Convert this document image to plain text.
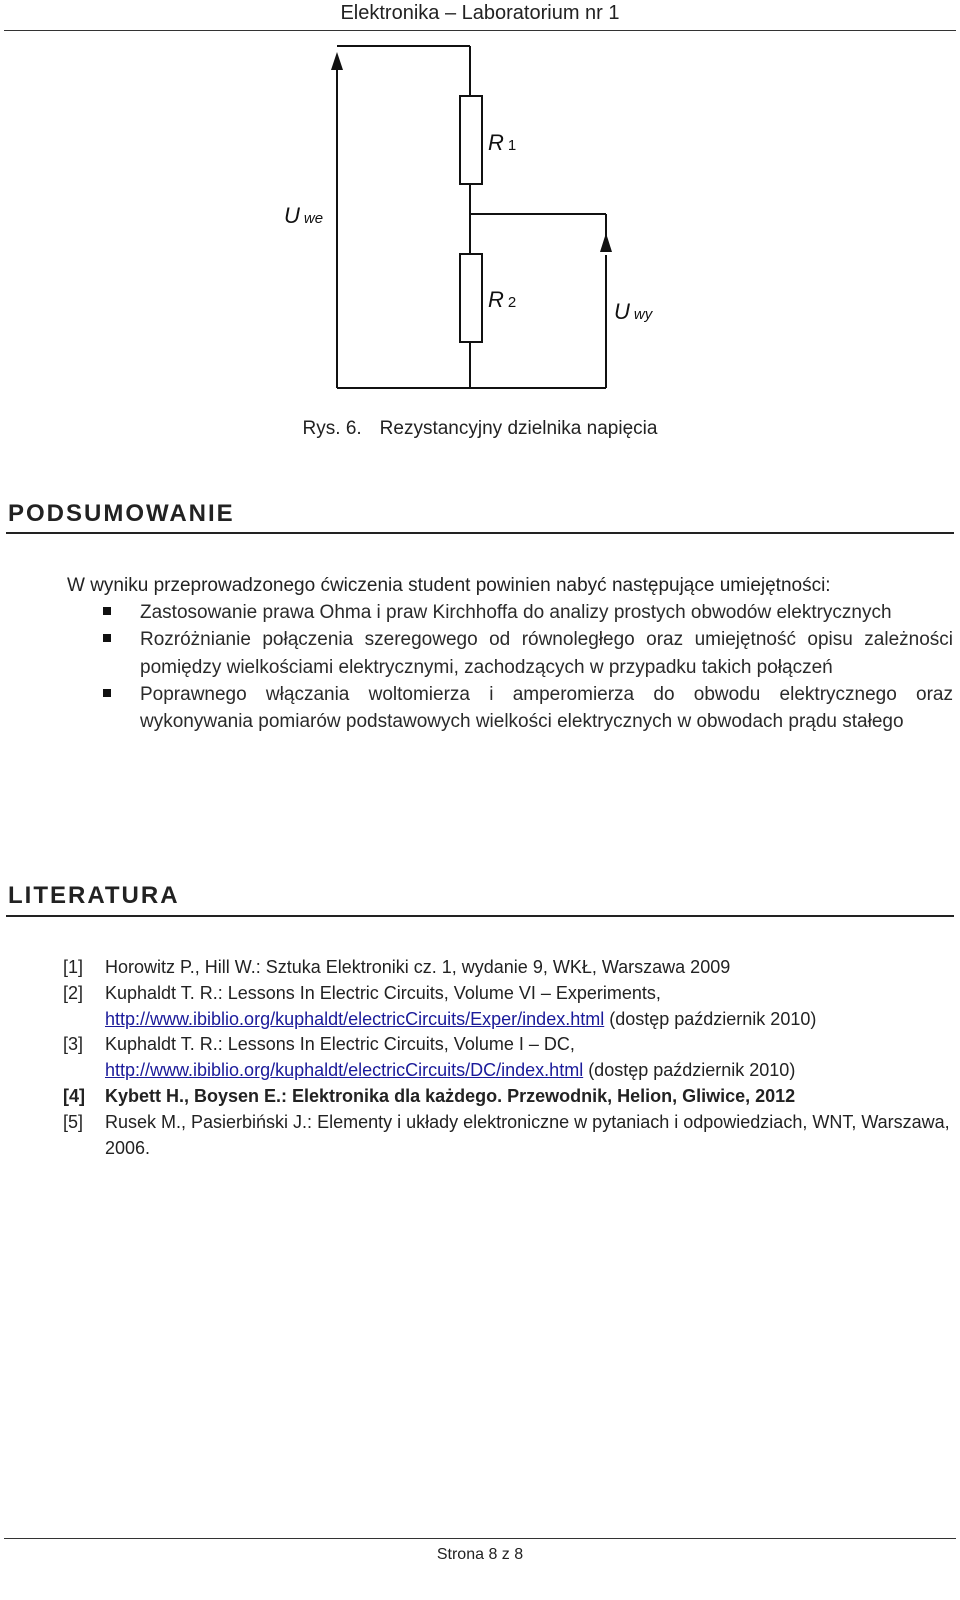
Elektronika – Laboratorium nr 1
R 1
R 2
U we
U wy
Rys. 6. Rezystancyjny dzielnika napięcia
PODSUMOWANIE
W wyniku przeprowadzonego ćwiczenia student powinien nabyć następujące umiejętności:
Zastosowanie prawa Ohma i praw Kirchhoffa do analizy prostych obwodów elektrycznych
Rozróżnianie połączenia szeregowego od równoległego oraz umiejętność opisu zależności pomiędzy wielkościami elektrycznymi, zachodzących w przypadku takich połączeń
Poprawnego włączania woltomierza i amperomierza do obwodu elektrycznego oraz wykonywania pomiarów podstawowych wielkości elektrycznych w obwodach prądu stałego
LITERATURA
[1] Horowitz P., Hill W.: Sztuka Elektroniki cz. 1, wydanie 9, WKŁ, Warszawa 2009
[2] Kuphaldt T. R.: Lessons In Electric Circuits, Volume VI – Experiments,
http://www.ibiblio.org/kuphaldt/electricCircuits/Exper/index.html (dostęp październik 2010)
[3] Kuphaldt T. R.: Lessons In Electric Circuits, Volume I – DC,
http://www.ibiblio.org/kuphaldt/electricCircuits/DC/index.html (dostęp październik 2010)
[4] Kybett H., Boysen E.: Elektronika dla każdego. Przewodnik, Helion, Gliwice, 2012
[5] Rusek M., Pasierbiński J.: Elementy i układy elektroniczne w pytaniach i odpowiedziach, WNT, Warszawa, 2006.
Strona 8 z 8
